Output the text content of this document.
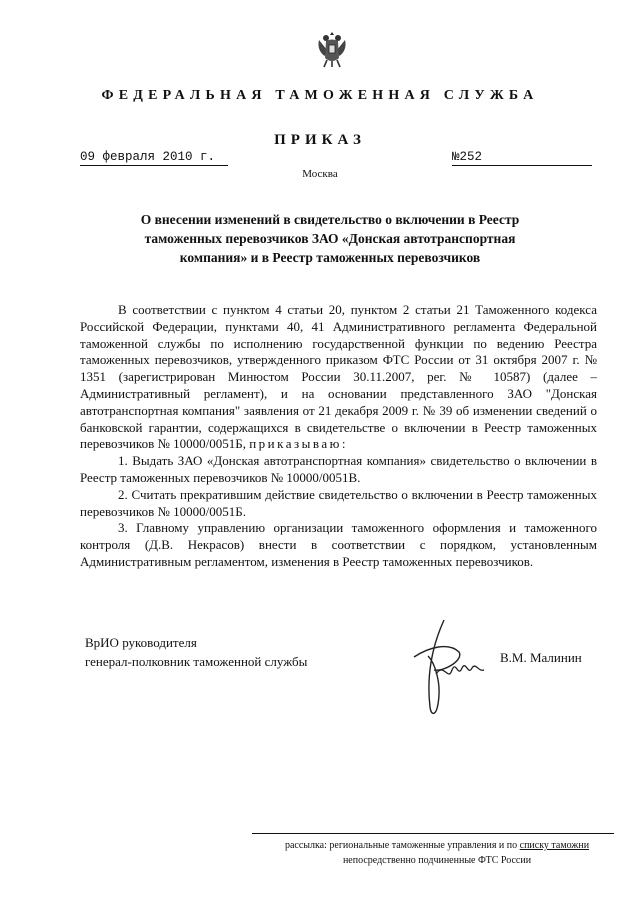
ФЕДЕРАЛЬНАЯ ТАМОЖЕННАЯ СЛУЖБА
ПРИКАЗ
09 февраля 2010 г.	№252
Москва
О внесении изменений в свидетельство о включении в Реестр таможенных перевозчиков ЗАО «Донская автотранспортная компания» и в Реестр таможенных перевозчиков

В соответствии с пунктом 4 статьи 20, пунктом 2 статьи 21 Таможенного кодекса Российской Федерации, пунктами 40, 41 Административного регламента Федеральной таможенной службы по исполнению государственной функции по ведению Реестра таможенных перевозчиков, утвержденного приказом ФТС России от 31 октября 2007 г. № 1351 (зарегистрирован Минюстом России 30.11.2007, рег. № 10587) (далее – Административный регламент), и на основании представленного ЗАО "Донская автотранспортная компания" заявления от 21 декабря 2009 г. № 39 об изменении сведений о банковской гарантии, содержащихся в свидетельстве о включении в Реестр таможенных перевозчиков № 10000/0051Б, приказываю:

1. Выдать ЗАО «Донская автотранспортная компания» свидетельство о включении в Реестр таможенных перевозчиков № 10000/0051В.

2. Считать прекратившим действие свидетельство о включении в Реестр таможенных перевозчиков № 10000/0051Б.

3. Главному управлению организации таможенного оформления и таможенного контроля (Д.В. Некрасов) внести в соответствии с порядком, установленным Административным регламентом, изменения в Реестр таможенных перевозчиков.

ВрИО руководителя
генерал-полковник таможенной службы	В.М. Малинин
рассылка: региональные таможенные управления и по списку таможни
непосредственно подчиненные ФТС России
